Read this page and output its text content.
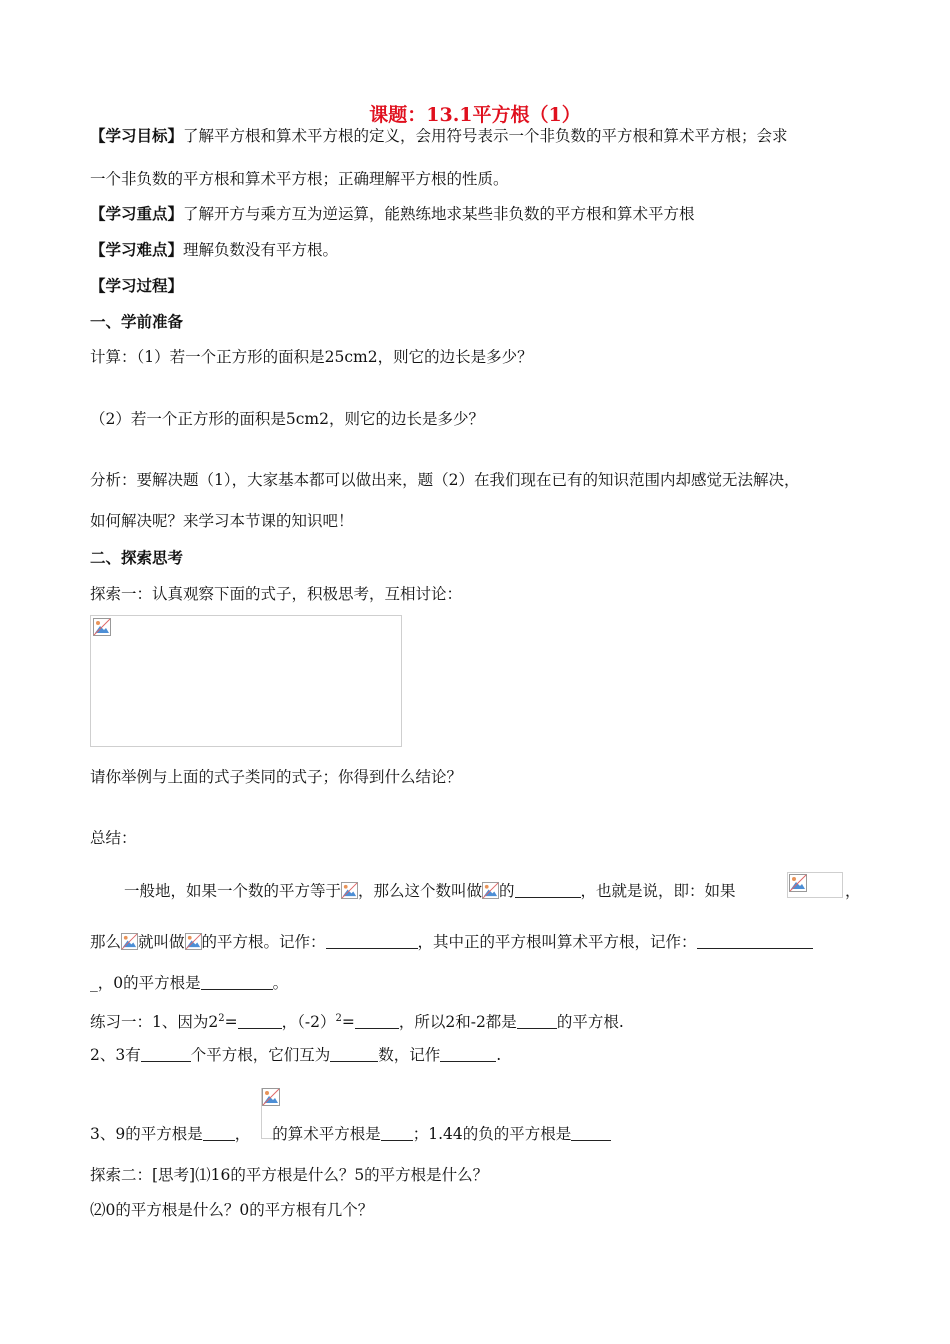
课题：13.1平方根（1）
【学习目标】了解平方根和算术平方根的定义，会用符号表示一个非负数的平方根和算术平方根；会求
一个非负数的平方根和算术平方根；正确理解平方根的性质。
【学习重点】了解开方与乘方互为逆运算，能熟练地求某些非负数的平方根和算术平方根
【学习难点】理解负数没有平方根。
【学习过程】
一、学前准备
计算：（1）若一个正方形的面积是25cm2，则它的边长是多少？
（2）若一个正方形的面积是5cm2，则它的边长是多少？
分析：要解决题（1），大家基本都可以做出来，题（2）在我们现在已有的知识范围内却感觉无法解决，
如何解决呢？来学习本节课的知识吧！
二、探索思考
探索一：认真观察下面的式子，积极思考，互相讨论：
请你举例与上面的式子类同的式子；你得到什么结论？
总结：
一般地，如果一个数的平方等于 ，那么这个数叫做 的	，也就是说，即：如果	，
那么 就叫做 的平方根。记作：	，其中正的平方根叫算术平方根，记作：
_，0的平方根是	。
练习一：1、因为$2^2=$	，$(-2)^2=$	，所以2和-2都是	的平方根.
2、3有	个平方根，它们互为	数，记作	.
3、9的平方根是 ， 的算术平方根是 ；1.44的负的平方根是
探索二：[思考]⑴16的平方根是什么？5的平方根是什么？
⑵0的平方根是什么？0的平方根有几个？
